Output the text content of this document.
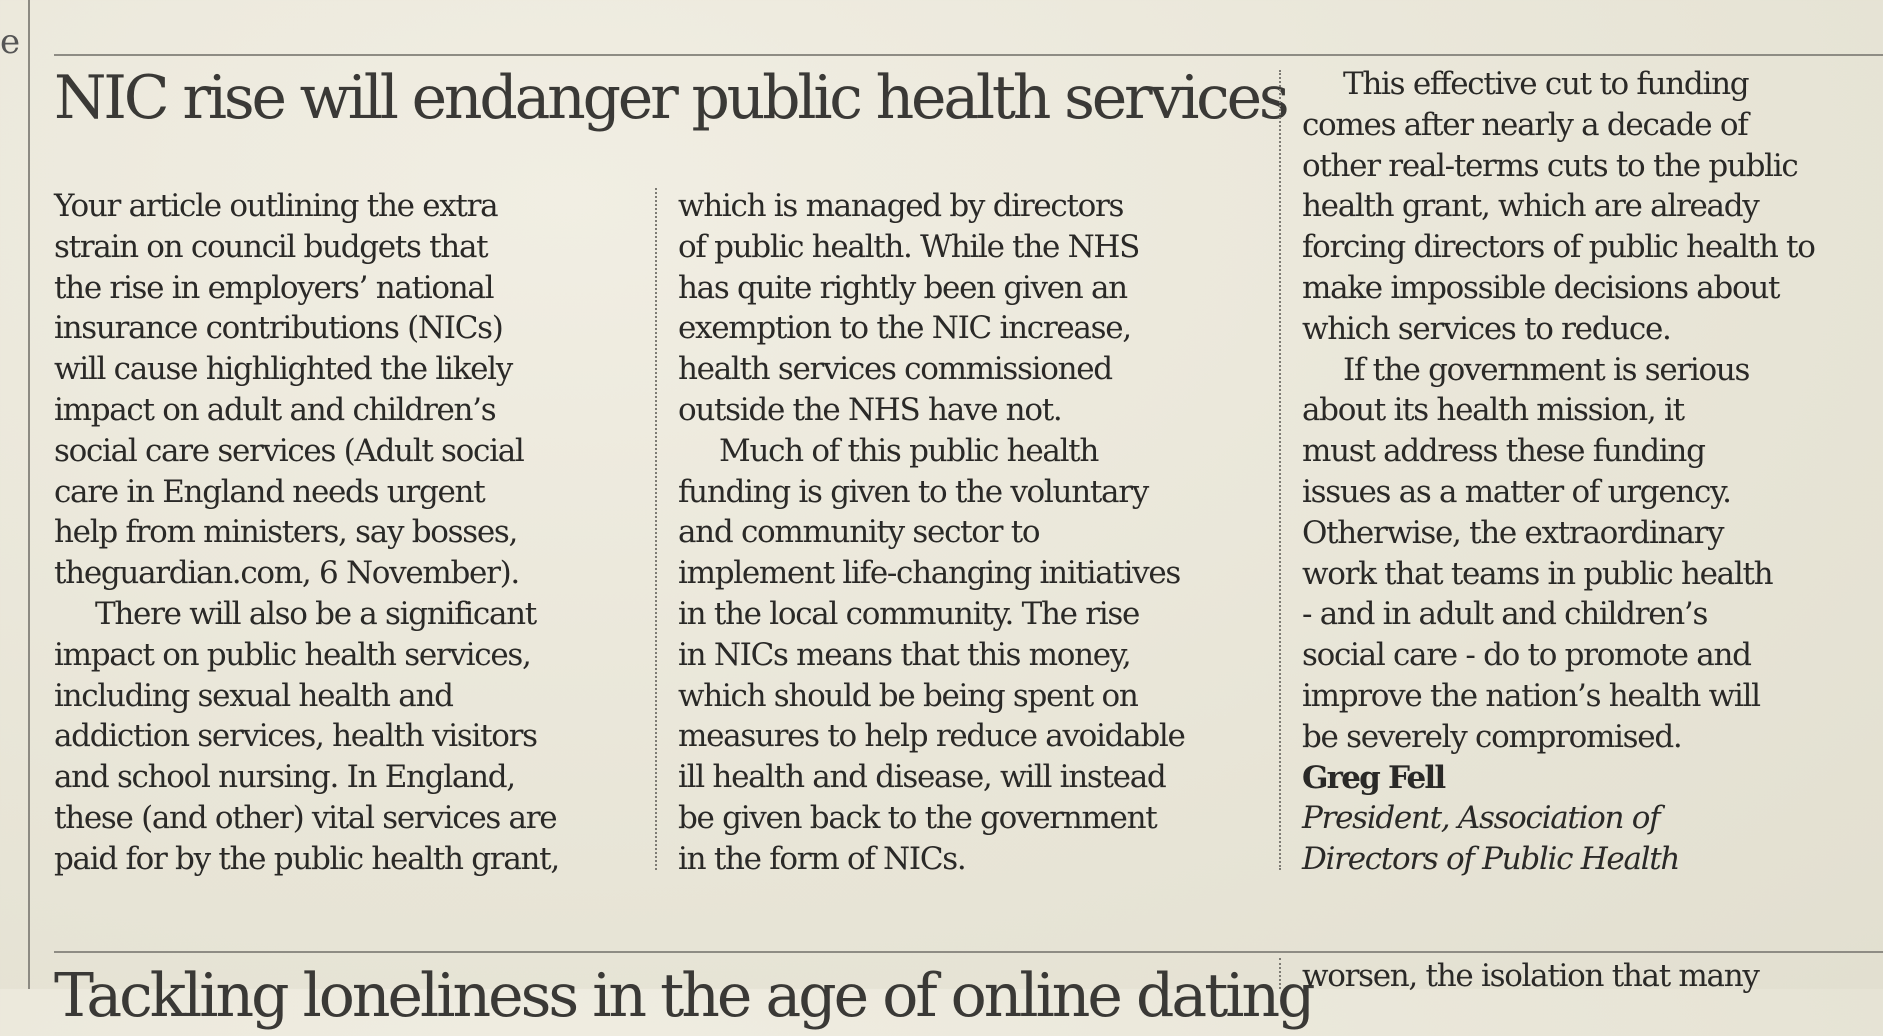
e
NIC rise will endanger public health services

Your article outlining the extra
strain on council budgets that
the rise in employers’ national
insurance contributions (NICs)
will cause highlighted the likely
impact on adult and children’s
social care services (Adult social
care in England needs urgent
help from ministers, say bosses,
theguardian.com, 6 November).

There will also be a significant
impact on public health services,
including sexual health and
addiction services, health visitors
and school nursing. In England,
these (and other) vital services are
paid for by the public health grant,

which is managed by directors
of public health. While the NHS
has quite rightly been given an
exemption to the NIC increase,
health services commissioned
outside the NHS have not.

Much of this public health
funding is given to the voluntary
and community sector to
implement life-changing initiatives
in the local community. The rise
in NICs means that this money,
which should be being spent on
measures to help reduce avoidable
ill health and disease, will instead
be given back to the government
in the form of NICs.

This effective cut to funding
comes after nearly a decade of
other real-terms cuts to the public
health grant, which are already
forcing directors of public health to
make impossible decisions about
which services to reduce.

If the government is serious
about its health mission, it
must address these funding
issues as a matter of urgency.
Otherwise, the extraordinary
work that teams in public health
- and in adult and children’s
social care - do to promote and
improve the nation’s health will
be severely compromised.

Greg Fell
President, Association of
Directors of Public Health
Tackling loneliness in the age of online dating
worsen, the isolation that many
